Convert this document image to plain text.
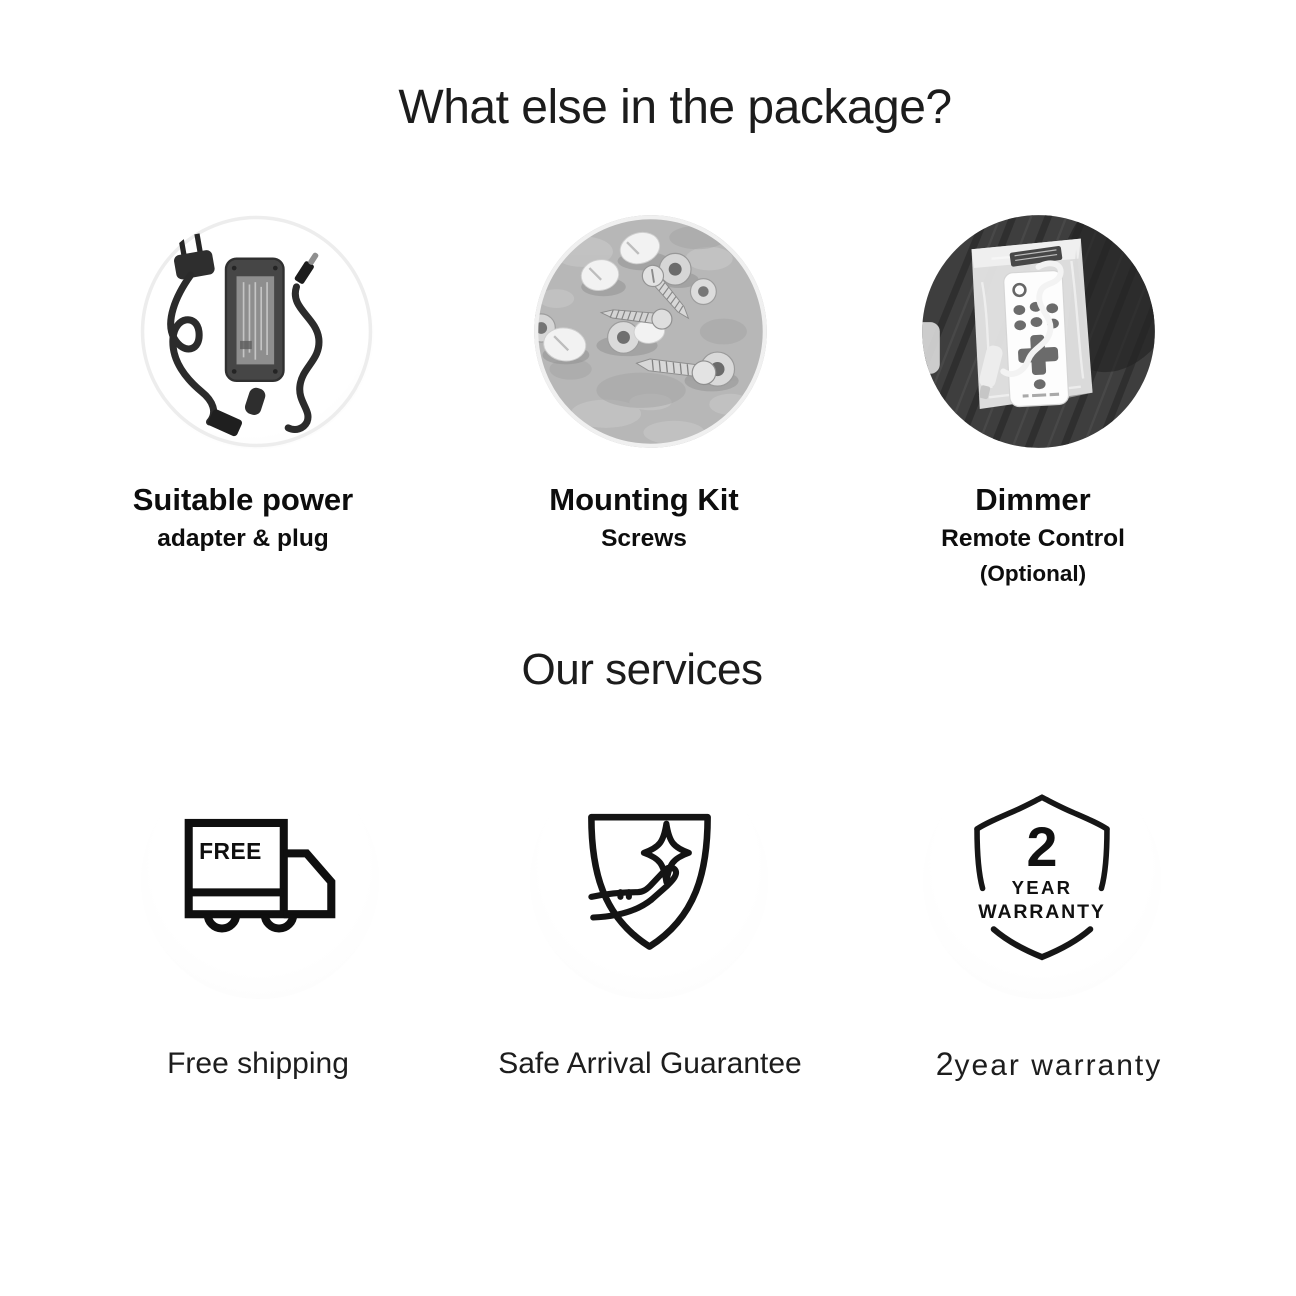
What else in the package?
Suitable power
adapter & plug
Mounting Kit
Screws
Dimmer
Remote Control
(Optional)
Our services
FREE	2
YEAR
WARRANTY
Free shipping	Safe Arrival Guarantee	2year warranty
